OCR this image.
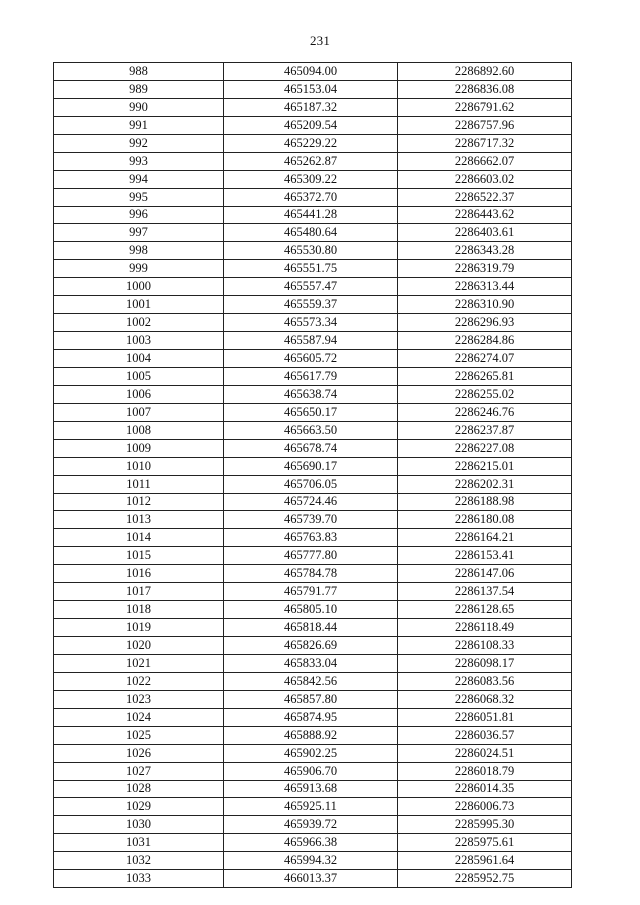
231
988	465094.00	2286892.60
989	465153.04	2286836.08
990	465187.32	2286791.62
991	465209.54	2286757.96
992	465229.22	2286717.32
993	465262.87	2286662.07
994	465309.22	2286603.02
995	465372.70	2286522.37
996	465441.28	2286443.62
997	465480.64	2286403.61
998	465530.80	2286343.28
999	465551.75	2286319.79
1000	465557.47	2286313.44
1001	465559.37	2286310.90
1002	465573.34	2286296.93
1003	465587.94	2286284.86
1004	465605.72	2286274.07
1005	465617.79	2286265.81
1006	465638.74	2286255.02
1007	465650.17	2286246.76
1008	465663.50	2286237.87
1009	465678.74	2286227.08
1010	465690.17	2286215.01
1011	465706.05	2286202.31
1012	465724.46	2286188.98
1013	465739.70	2286180.08
1014	465763.83	2286164.21
1015	465777.80	2286153.41
1016	465784.78	2286147.06
1017	465791.77	2286137.54
1018	465805.10	2286128.65
1019	465818.44	2286118.49
1020	465826.69	2286108.33
1021	465833.04	2286098.17
1022	465842.56	2286083.56
1023	465857.80	2286068.32
1024	465874.95	2286051.81
1025	465888.92	2286036.57
1026	465902.25	2286024.51
1027	465906.70	2286018.79
1028	465913.68	2286014.35
1029	465925.11	2286006.73
1030	465939.72	2285995.30
1031	465966.38	2285975.61
1032	465994.32	2285961.64
1033	466013.37	2285952.75
